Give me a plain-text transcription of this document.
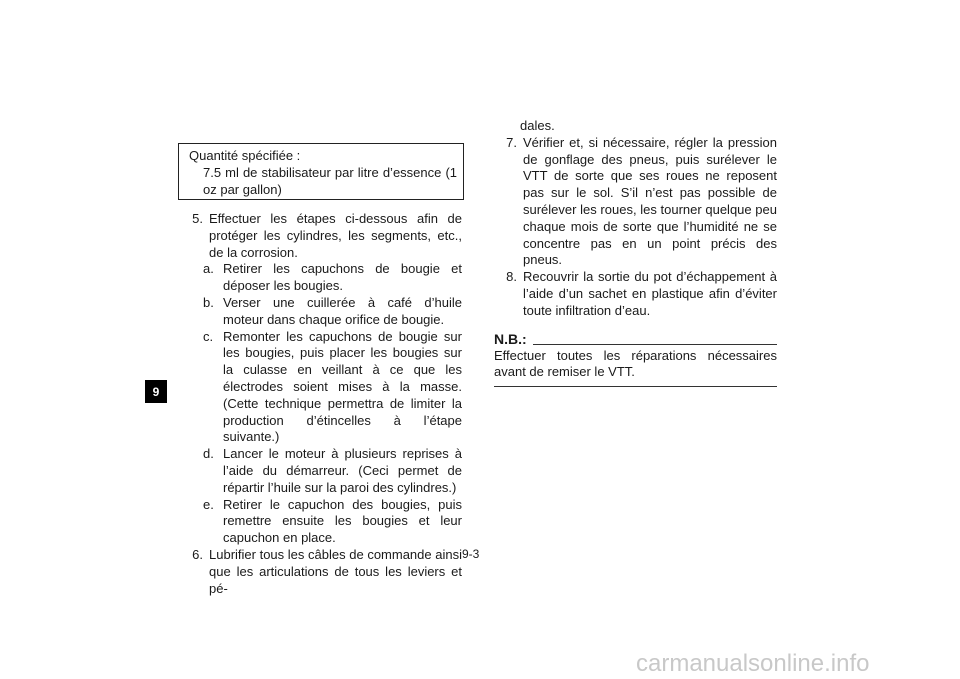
9
Quantité spécifiée :
7.5 ml de stabilisateur par litre d’essence (1 oz par gallon)
5. Effectuer les étapes ci-dessous afin de protéger les cylindres, les segments, etc., de la corrosion.
a. Retirer les capuchons de bougie et déposer les bougies.
b. Verser une cuillerée à café d’huile moteur dans chaque orifice de bougie.
c. Remonter les capuchons de bougie sur les bougies, puis placer les bougies sur la culasse en veillant à ce que les électrodes soient mises à la masse. (Cette technique permettra de limiter la production d’étincelles à l’étape suivante.)
d. Lancer le moteur à plusieurs reprises à l’aide du démarreur. (Ceci permet de répartir l’huile sur la paroi des cylindres.)
e. Retirer le capuchon des bougies, puis remettre ensuite les bougies et leur capuchon en place.
6. Lubrifier tous les câbles de commande ainsi que les articulations de tous les leviers et pé-
dales.
7. Vérifier et, si nécessaire, régler la pression de gonflage des pneus, puis surélever le VTT de sorte que ses roues ne reposent pas sur le sol. S’il n’est pas possible de surélever les roues, les tourner quelque peu chaque mois de sorte que l’humidité ne se concentre pas en un point précis des pneus.
8. Recouvrir la sortie du pot d’échappement à l’aide d’un sachet en plastique afin d’éviter toute infiltration d’eau.
N.B.:
Effectuer toutes les réparations nécessaires avant de remiser le VTT.
9-3
carmanualsonline.info
